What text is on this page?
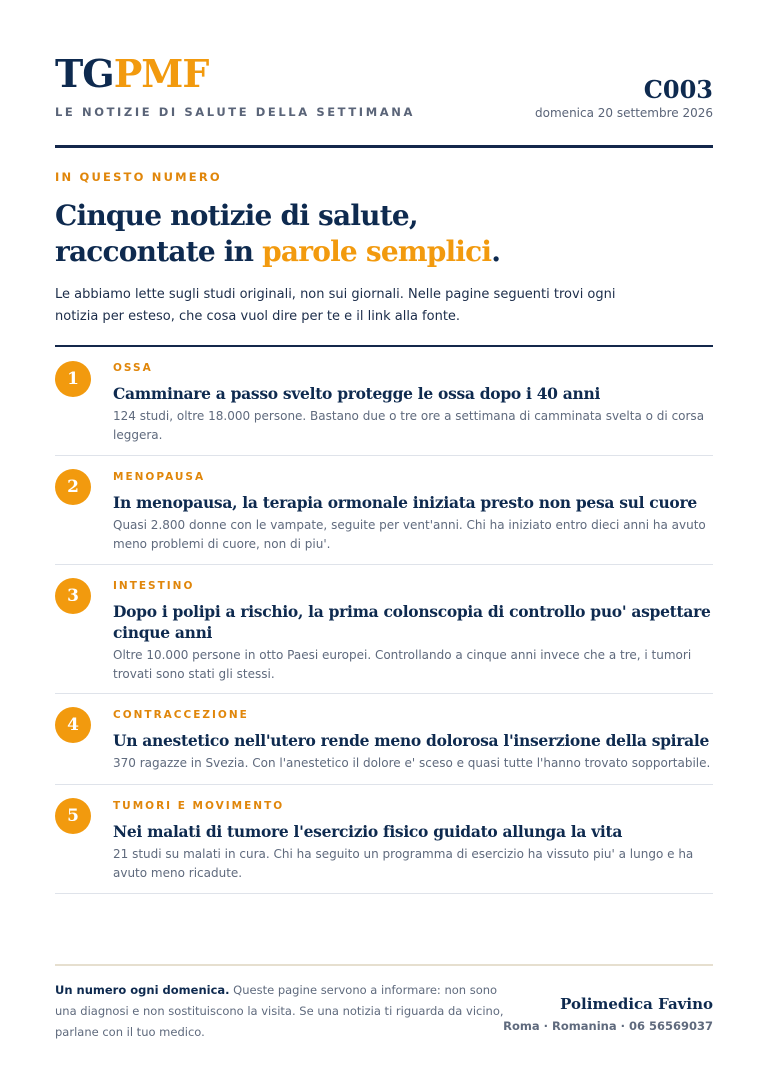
TGPMF
LE NOTIZIE DI SALUTE DELLA SETTIMANA
C003
domenica 20 settembre 2026
IN QUESTO NUMERO
Cinque notizie di salute,
raccontate in parole semplici.
Le abbiamo lette sugli studi originali, non sui giornali. Nelle pagine seguenti trovi ogni notizia per esteso, che cosa vuol dire per te e il link alla fonte.
1
OSSA
Camminare a passo svelto protegge le ossa dopo i 40 anni
124 studi, oltre 18.000 persone. Bastano due o tre ore a settimana di camminata svelta o di corsa leggera.
2	MENOPAUSA
In menopausa, la terapia ormonale iniziata presto non pesa sul cuore
Quasi 2.800 donne con le vampate, seguite per vent'anni. Chi ha iniziato entro dieci anni ha avuto meno problemi di cuore, non di piu'.
3	INTESTINO
Dopo i polipi a rischio, la prima colonscopia di controllo puo' aspettare cinque anni
Oltre 10.000 persone in otto Paesi europei. Controllando a cinque anni invece che a tre, i tumori trovati sono stati gli stessi.
4	CONTRACCEZIONE
Un anestetico nell'utero rende meno dolorosa l'inserzione della spirale
370 ragazze in Svezia. Con l'anestetico il dolore e' sceso e quasi tutte l'hanno trovato sopportabile.
5	TUMORI E MOVIMENTO
Nei malati di tumore l'esercizio fisico guidato allunga la vita
21 studi su malati in cura. Chi ha seguito un programma di esercizio ha vissuto piu' a lungo e ha avuto meno ricadute.
Un numero ogni domenica. Queste pagine servono a informare: non sono una diagnosi e non sostituiscono la visita. Se una notizia ti riguarda da vicino, parlane con il tuo medico.
Polimedica Favino
Roma · Romanina · 06 56569037
